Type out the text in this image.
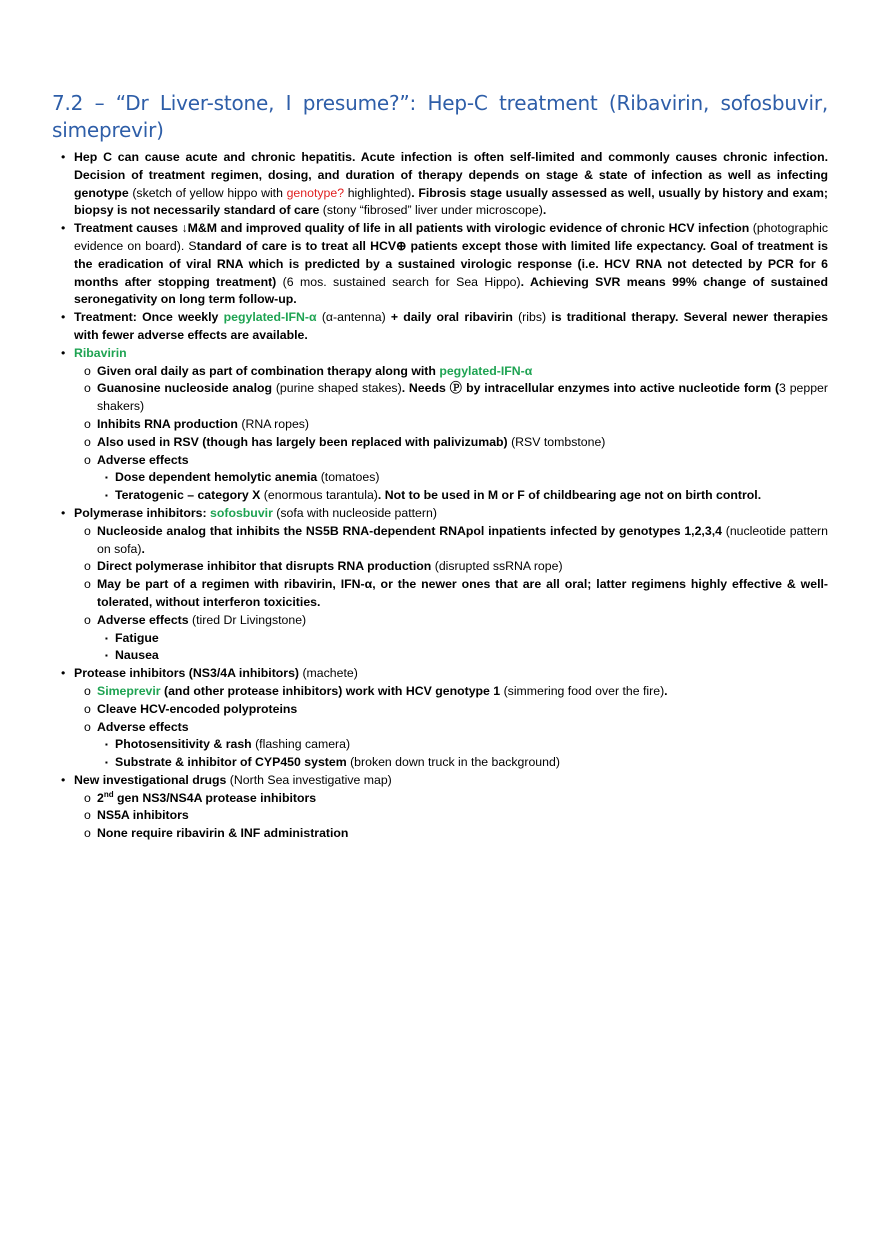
7.2 – “Dr Liver-stone, I presume?”: Hep-C treatment (Ribavirin, sofosbuvir, simeprevir)
• Hep C can cause acute and chronic hepatitis. Acute infection is often self-limited and commonly causes chronic infection. Decision of treatment regimen, dosing, and duration of therapy depends on stage & state of infection as well as infecting genotype (sketch of yellow hippo with genotype? highlighted). Fibrosis stage usually assessed as well, usually by history and exam; biopsy is not necessarily standard of care (stony “fibrosed” liver under microscope).
• Treatment causes ↓M&M and improved quality of life in all patients with virologic evidence of chronic HCV infection (photographic evidence on board). Standard of care is to treat all HCV⊕ patients except those with limited life expectancy. Goal of treatment is the eradication of viral RNA which is predicted by a sustained virologic response (i.e. HCV RNA not detected by PCR for 6 months after stopping treatment) (6 mos. sustained search for Sea Hippo). Achieving SVR means 99% change of sustained seronegativity on long term follow-up.
• Treatment: Once weekly pegylated-IFN-α (α-antenna) + daily oral ribavirin (ribs) is traditional therapy. Several newer therapies with fewer adverse effects are available.
• Ribavirin
o Given oral daily as part of combination therapy along with pegylated-IFN-α
o Guanosine nucleoside analog (purine shaped stakes). Needs Ⓟ by intracellular enzymes into active nucleotide form (3 pepper shakers)
o Inhibits RNA production (RNA ropes)
o Also used in RSV (though has largely been replaced with palivizumab) (RSV tombstone)
o Adverse effects
▪ Dose dependent hemolytic anemia (tomatoes)
▪ Teratogenic – category X (enormous tarantula). Not to be used in M or F of childbearing age not on birth control.
• Polymerase inhibitors: sofosbuvir (sofa with nucleoside pattern)
o Nucleoside analog that inhibits the NS5B RNA-dependent RNApol inpatients infected by genotypes 1,2,3,4 (nucleotide pattern on sofa).
o Direct polymerase inhibitor that disrupts RNA production (disrupted ssRNA rope)
o May be part of a regimen with ribavirin, IFN-α, or the newer ones that are all oral; latter regimens highly effective & well-tolerated, without interferon toxicities.
o Adverse effects (tired Dr Livingstone)
▪ Fatigue
▪ Nausea
• Protease inhibitors (NS3/4A inhibitors) (machete)
o Simeprevir (and other protease inhibitors) work with HCV genotype 1 (simmering food over the fire).
o Cleave HCV-encoded polyproteins
o Adverse effects
▪ Photosensitivity & rash (flashing camera)
▪ Substrate & inhibitor of CYP450 system (broken down truck in the background)
• New investigational drugs (North Sea investigative map)
o 2nd gen NS3/NS4A protease inhibitors
o NS5A inhibitors
o None require ribavirin & INF administration
